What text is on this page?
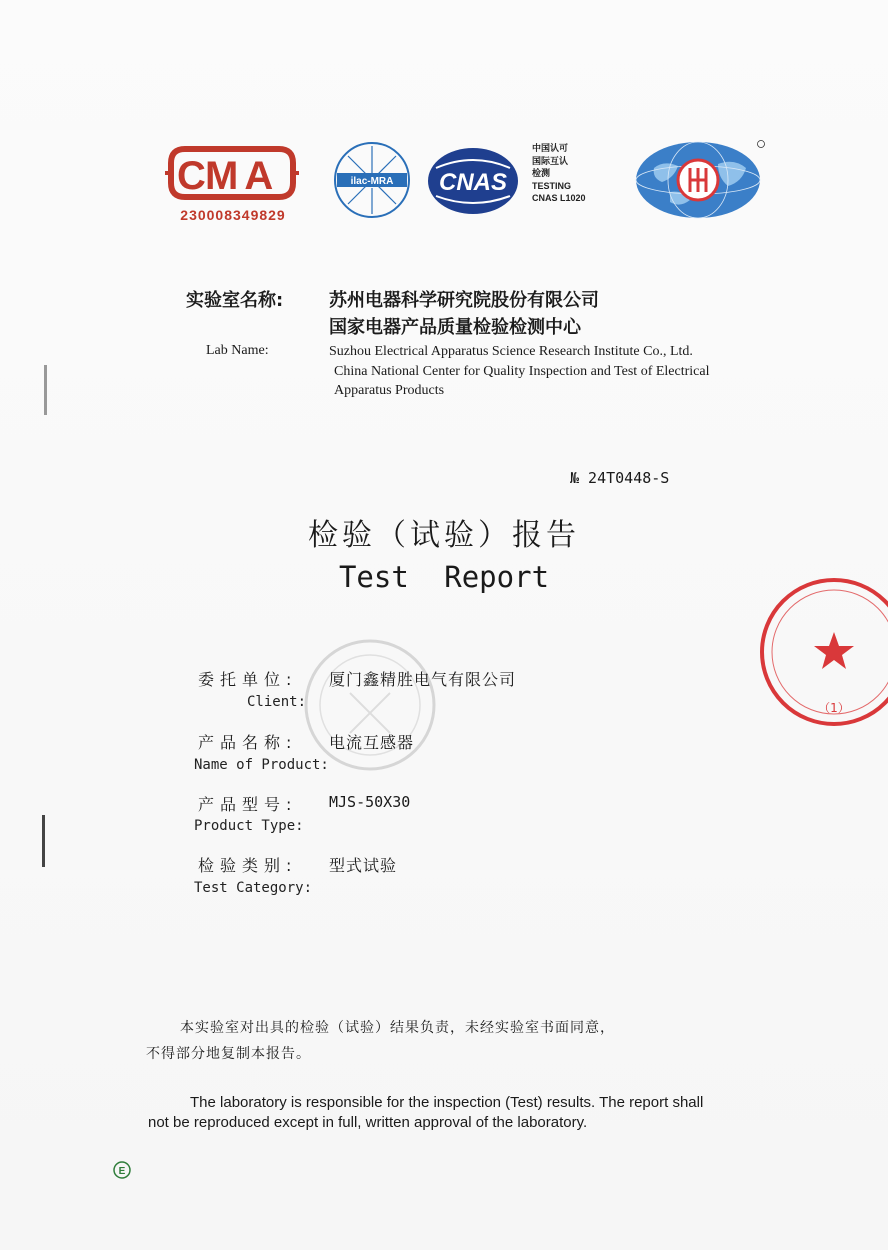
MA
C
230008349829
ilac-MRA CNAS
中国认可
国际互认
检测
TESTING
CNAS L1020
实验室名称:	苏州电器科学研究院股份有限公司
国家电器产品质量检验检测中心
Lab Name:	Suzhou Electrical Apparatus Science Research Institute Co., Ltd.
China National Center for Quality Inspection and Test of Electrical
Apparatus Products
№ 24T0448-S
检验（试验）报告
Test Report
委托单位: 厦门鑫精胜电气有限公司
Client:
产品名称: 电流互感器
Name of Product:
产品型号: MJS-50X30
Product Type:
检验类别: 型式试验
Test Category:
（1）
本实验室对出具的检验（试验）结果负责，未经实验室书面同意，
不得部分地复制本报告。
The laboratory is responsible for the inspection (Test) results. The report shall
not be reproduced except in full, written approval of the laboratory.
E
